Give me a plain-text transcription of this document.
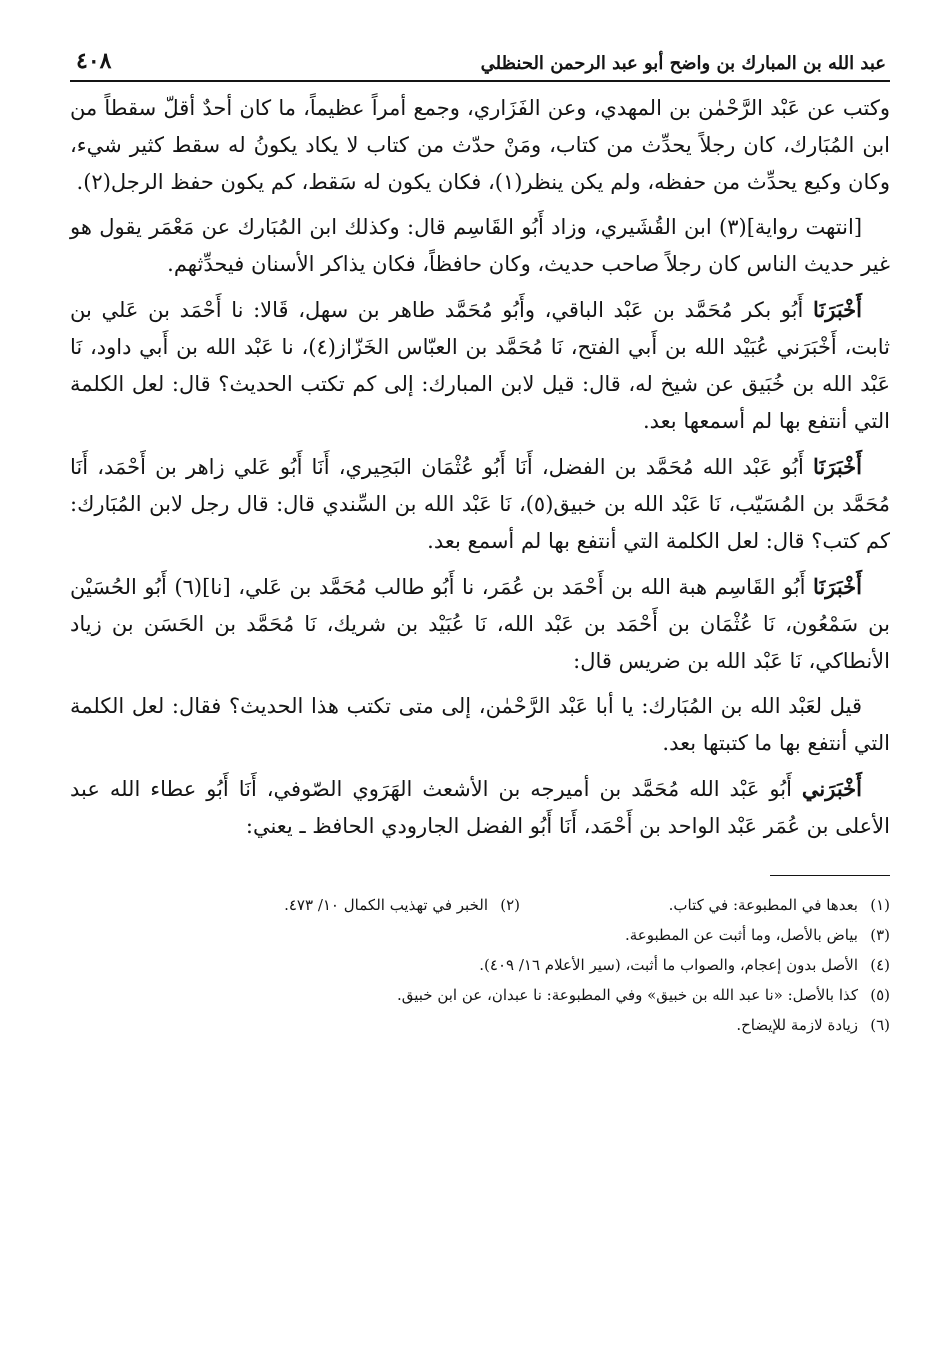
عبد الله بن المبارك بن واضح أبو عبد الرحمن الحنظلي
٤٠٨

وكتب عن عَبْد الرَّحْمٰن بن المهدي، وعن الفَزَاري، وجمع أمراً عظيماً، ما كان أحدٌ أقلّ سقطاً من ابن المُبَارك، كان رجلاً يحدِّث من كتاب، ومَنْ حدّث من كتاب لا يكاد يكونُ له سقط كثير شيء، وكان وكيع يحدِّث من حفظه، ولم يكن ينظر(١)، فكان يكون له سَقط، كم يكون حفظ الرجل(٢).

[انتهت رواية](٣) ابن القُشَيري، وزاد أَبُو القَاسِم قال: وكذلك ابن المُبَارك عن مَعْمَر يقول هو غير حديث الناس كان رجلاً صاحب حديث، وكان حافظاً، فكان يذاكر الأسنان فيحدِّثهم.

أَخْبَرَنَا أَبُو بكر مُحَمَّد بن عَبْد الباقي، وأَبُو مُحَمَّد طاهر بن سهل، قَالا: نا أَحْمَد بن عَلي بن ثابت، أَخْبَرَني عُبَيْد الله بن أَبي الفتح، نَا مُحَمَّد بن العبّاس الخَزّاز(٤)، نا عَبْد الله بن أَبي داود، نَا عَبْد الله بن خُبَيق عن شيخ له، قال: قيل لابن المبارك: إلى كم تكتب الحديث؟ قال: لعل الكلمة التي أنتفع بها لم أسمعها بعد.

أَخْبَرَنَا أَبُو عَبْد الله مُحَمَّد بن الفضل، أَنَا أَبُو عُثْمَان البَحِيري، أَنَا أَبُو عَلي زاهر بن أَحْمَد، أَنَا مُحَمَّد بن المُسَيّب، نَا عَبْد الله بن خبيق(٥)، نَا عَبْد الله بن السِّندي قال: قال رجل لابن المُبَارك: كم كتب؟ قال: لعل الكلمة التي أنتفع بها لم أسمع بعد.

أَخْبَرَنَا أَبُو القَاسِم هبة الله بن أَحْمَد بن عُمَر، نا أَبُو طالب مُحَمَّد بن عَلي، [نا](٦) أَبُو الحُسَيْن بن سَمْعُون، نَا عُثْمَان بن أَحْمَد بن عَبْد الله، نَا عُبَيْد بن شريك، نَا مُحَمَّد بن الحَسَن بن زياد الأنطاكي، نَا عَبْد الله بن ضريس قال:

قيل لعَبْد الله بن المُبَارك: يا أبا عَبْد الرَّحْمٰن، إلى متى تكتب هذا الحديث؟ فقال: لعل الكلمة التي أنتفع بها ما كتبتها بعد.

أَخْبَرَني أَبُو عَبْد الله مُحَمَّد بن أميرجه بن الأشعث الهَرَوي الصّوفي، أَنَا أَبُو عطاء الله عبد الأعلى بن عُمَر عَبْد الواحد بن أَحْمَد، أَنَا أَبُو الفضل الجارودي الحافظ ـ يعني:

(١)
بعدها في المطبوعة: في كتاب.
(٢)
الخبر في تهذيب الكمال ١٠/ ٤٧٣.
(٣)
بياض بالأصل، وما أثبت عن المطبوعة.
(٤)
الأصل بدون إعجام، والصواب ما أثبت، (سير الأعلام ١٦/ ٤٠٩).
(٥)
كذا بالأصل: «نا عبد الله بن خبيق» وفي المطبوعة: نا عبدان، عن ابن خبيق.
(٦)
زيادة لازمة للإيضاح.
